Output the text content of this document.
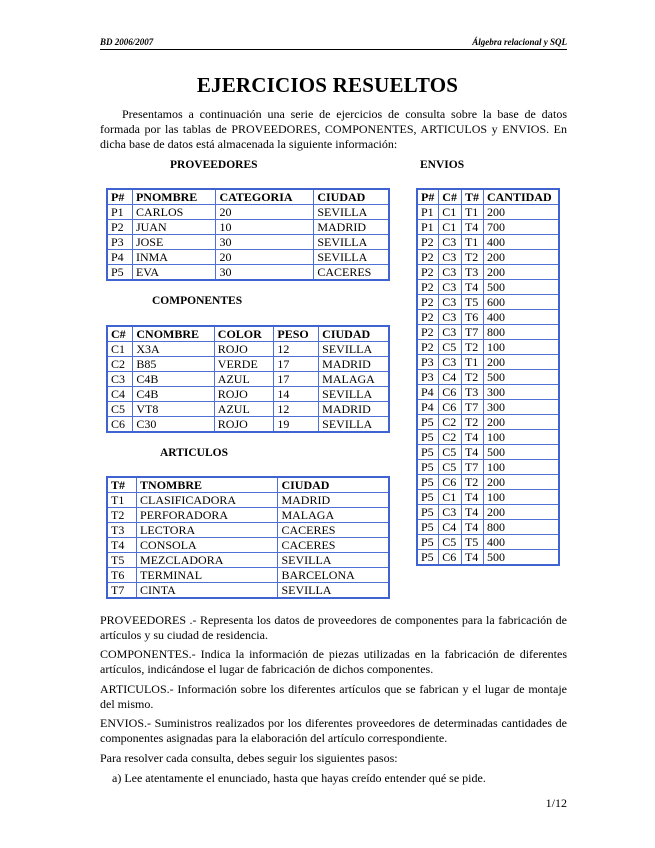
BD 2006/2007	Álgebra relacional y SQL
EJERCICIOS RESUELTOS

Presentamos a continuación una serie de ejercicios de consulta sobre la base de datos formada por las tablas de PROVEEDORES, COMPONENTES, ARTICULOS y ENVIOS. En dicha base de datos está almacenada la siguiente información:

PROVEEDORES	ENVIOS
COMPONENTES
ARTICULOS
P#	PNOMBRE	CATEGORIA	CIUDAD
P1	CARLOS	20	SEVILLA
P2	JUAN	10	MADRID
P3	JOSE	30	SEVILLA
P4	INMA	20	SEVILLA
P5	EVA	30	CACERES
C#	CNOMBRE	COLOR	PESO	CIUDAD
C1	X3A	ROJO	12	SEVILLA
C2	B85	VERDE	17	MADRID
C3	C4B	AZUL	17	MALAGA
C4	C4B	ROJO	14	SEVILLA
C5	VT8	AZUL	12	MADRID
C6	C30	ROJO	19	SEVILLA
T#	TNOMBRE	CIUDAD
T1	CLASIFICADORA	MADRID
T2	PERFORADORA	MALAGA
T3	LECTORA	CACERES
T4	CONSOLA	CACERES
T5	MEZCLADORA	SEVILLA
T6	TERMINAL	BARCELONA
T7	CINTA	SEVILLA
P#	C#	T#	CANTIDAD
P1	C1	T1	200
P1	C1	T4	700
P2	C3	T1	400
P2	C3	T2	200
P2	C3	T3	200
P2	C3	T4	500
P2	C3	T5	600
P2	C3	T6	400
P2	C3	T7	800
P2	C5	T2	100
P3	C3	T1	200
P3	C4	T2	500
P4	C6	T3	300
P4	C6	T7	300
P5	C2	T2	200
P5	C2	T4	100
P5	C5	T4	500
P5	C5	T7	100
P5	C6	T2	200
P5	C1	T4	100
P5	C3	T4	200
P5	C4	T4	800
P5	C5	T5	400
P5	C6	T4	500

PROVEEDORES .- Representa los datos de proveedores de componentes para la fabricación de artículos y su ciudad de residencia.

COMPONENTES.- Indica la información de piezas utilizadas en la fabricación de diferentes artículos, indicándose el lugar de fabricación de dichos componentes.

ARTICULOS.- Información sobre los diferentes artículos que se fabrican y el lugar de montaje del mismo.

ENVIOS.- Suministros realizados por los diferentes proveedores de determinadas cantidades de componentes asignadas para la elaboración del artículo correspondiente.

Para resolver cada consulta, debes seguir los siguientes pasos:

a) Lee atentamente el enunciado, hasta que hayas creído entender qué se pide.

1/12
